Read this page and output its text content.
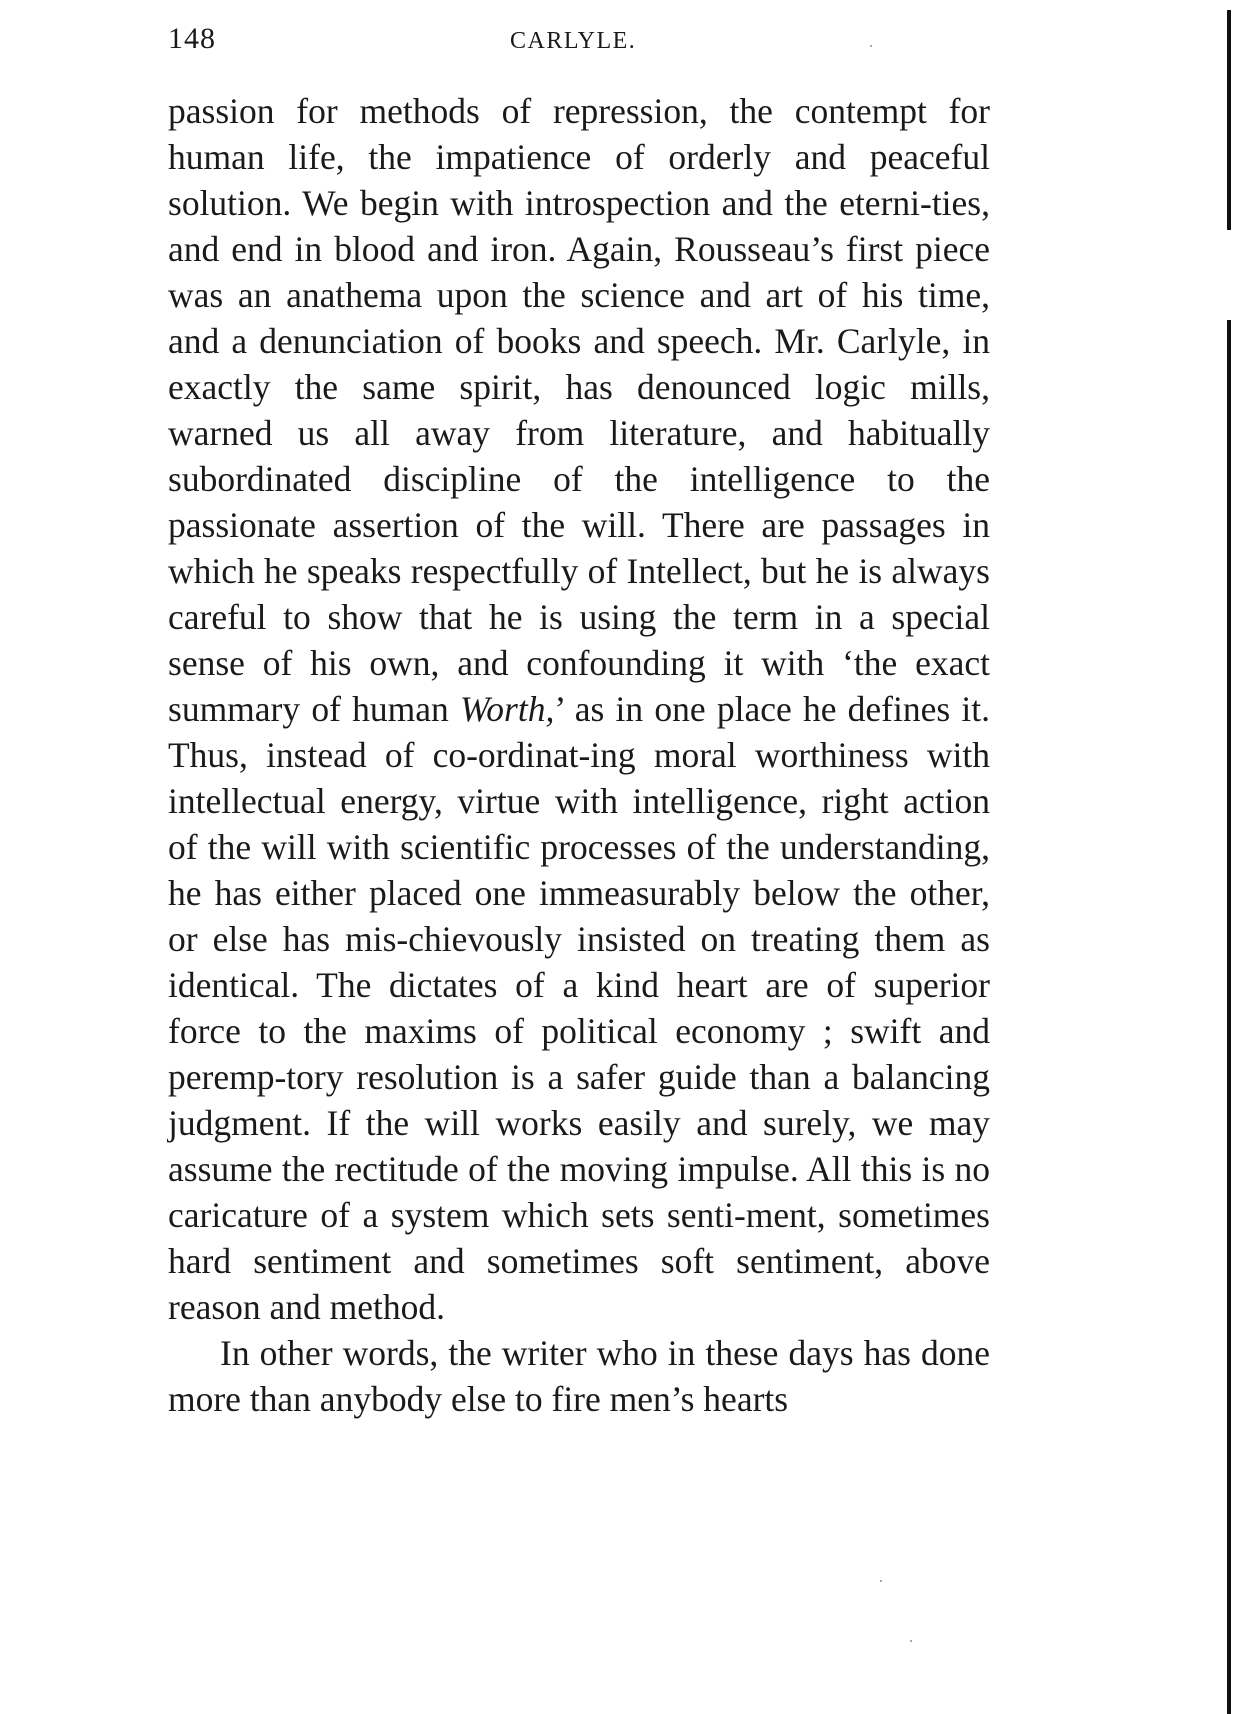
148	CARLYLE.

passion for methods of repression, the contempt for human life, the impatience of orderly and peaceful solution. We begin with introspection and the eterni-ties, and end in blood and iron. Again, Rousseau’s first piece was an anathema upon the science and art of his time, and a denunciation of books and speech. Mr. Carlyle, in exactly the same spirit, has denounced logic mills, warned us all away from literature, and habitually subordinated discipline of the intelligence to the passionate assertion of the will. There are passages in which he speaks respectfully of Intellect, but he is always careful to show that he is using the term in a special sense of his own, and confounding it with ‘the exact summary of human Worth,’ as in one place he defines it. Thus, instead of co-ordinat-ing moral worthiness with intellectual energy, virtue with intelligence, right action of the will with scientific processes of the understanding, he has either placed one immeasurably below the other, or else has mis-chievously insisted on treating them as identical. The dictates of a kind heart are of superior force to the maxims of political economy ; swift and peremp-tory resolution is a safer guide than a balancing judgment. If the will works easily and surely, we may assume the rectitude of the moving impulse. All this is no caricature of a system which sets senti-ment, sometimes hard sentiment and sometimes soft sentiment, above reason and method.

In other words, the writer who in these days has done more than anybody else to fire men’s hearts
